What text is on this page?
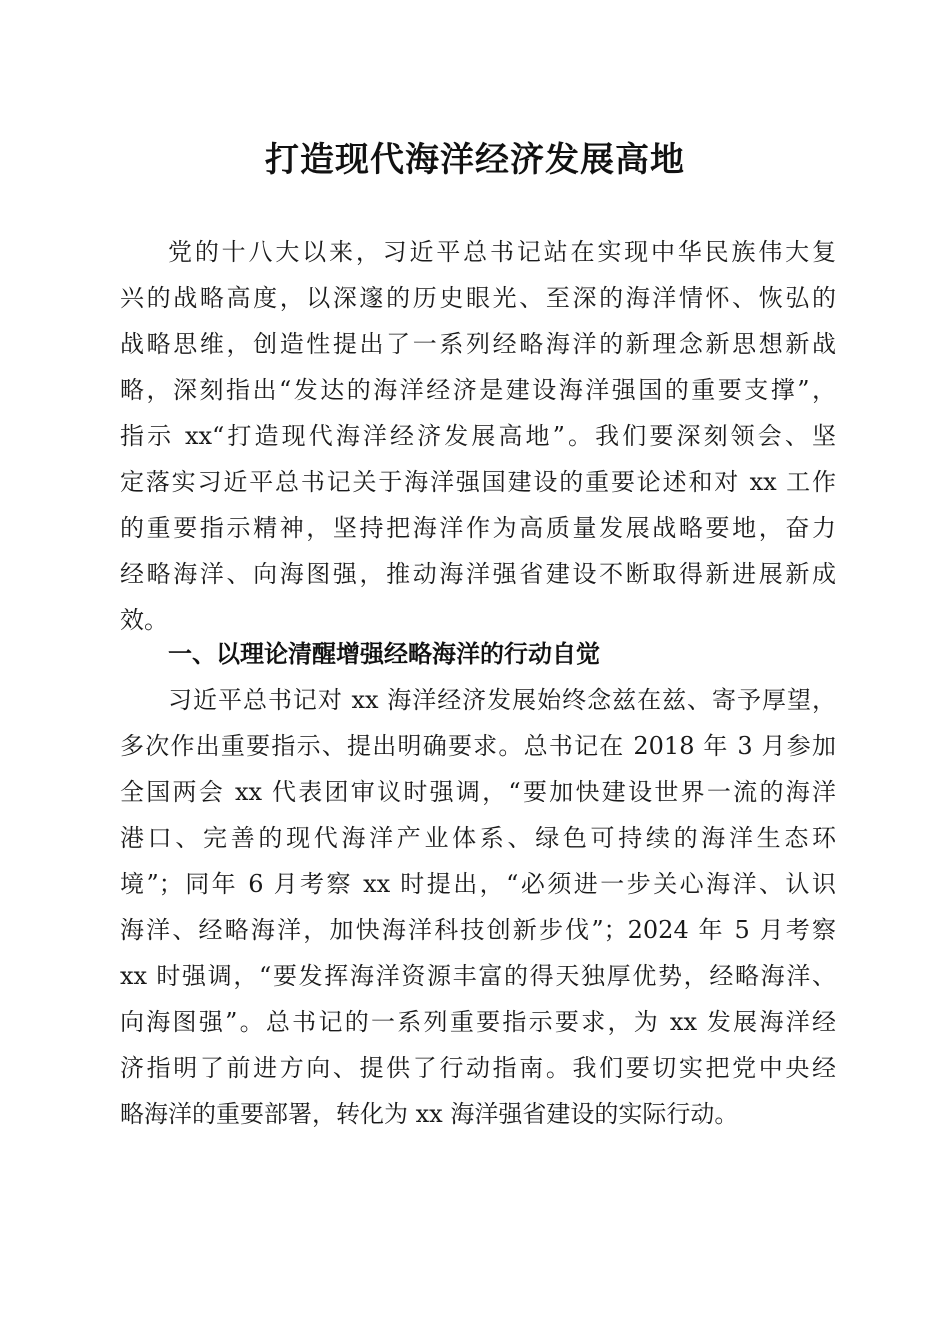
打造现代海洋经济发展高地
党的十八大以来，习近平总书记站在实现中华民族伟大复
兴的战略高度，以深邃的历史眼光、至深的海洋情怀、恢弘的
战略思维，创造性提出了一系列经略海洋的新理念新思想新战
略，深刻指出“发达的海洋经济是建设海洋强国的重要支撑”，
指示 xx“打造现代海洋经济发展高地”。我们要深刻领会、坚
定落实习近平总书记关于海洋强国建设的重要论述和对 xx 工作
的重要指示精神，坚持把海洋作为高质量发展战略要地，奋力
经略海洋、向海图强，推动海洋强省建设不断取得新进展新成
效。
一、以理论清醒增强经略海洋的行动自觉
习近平总书记对 xx 海洋经济发展始终念兹在兹、寄予厚望，
多次作出重要指示、提出明确要求。总书记在 2018 年 3 月参加
全国两会 xx 代表团审议时强调，“要加快建设世界一流的海洋
港口、完善的现代海洋产业体系、绿色可持续的海洋生态环
境”；同年 6 月考察 xx 时提出，“必须进一步关心海洋、认识
海洋、经略海洋，加快海洋科技创新步伐”；2024 年 5 月考察
xx 时强调，“要发挥海洋资源丰富的得天独厚优势，经略海洋、
向海图强”。总书记的一系列重要指示要求，为 xx 发展海洋经
济指明了前进方向、提供了行动指南。我们要切实把党中央经
略海洋的重要部署，转化为 xx 海洋强省建设的实际行动。
